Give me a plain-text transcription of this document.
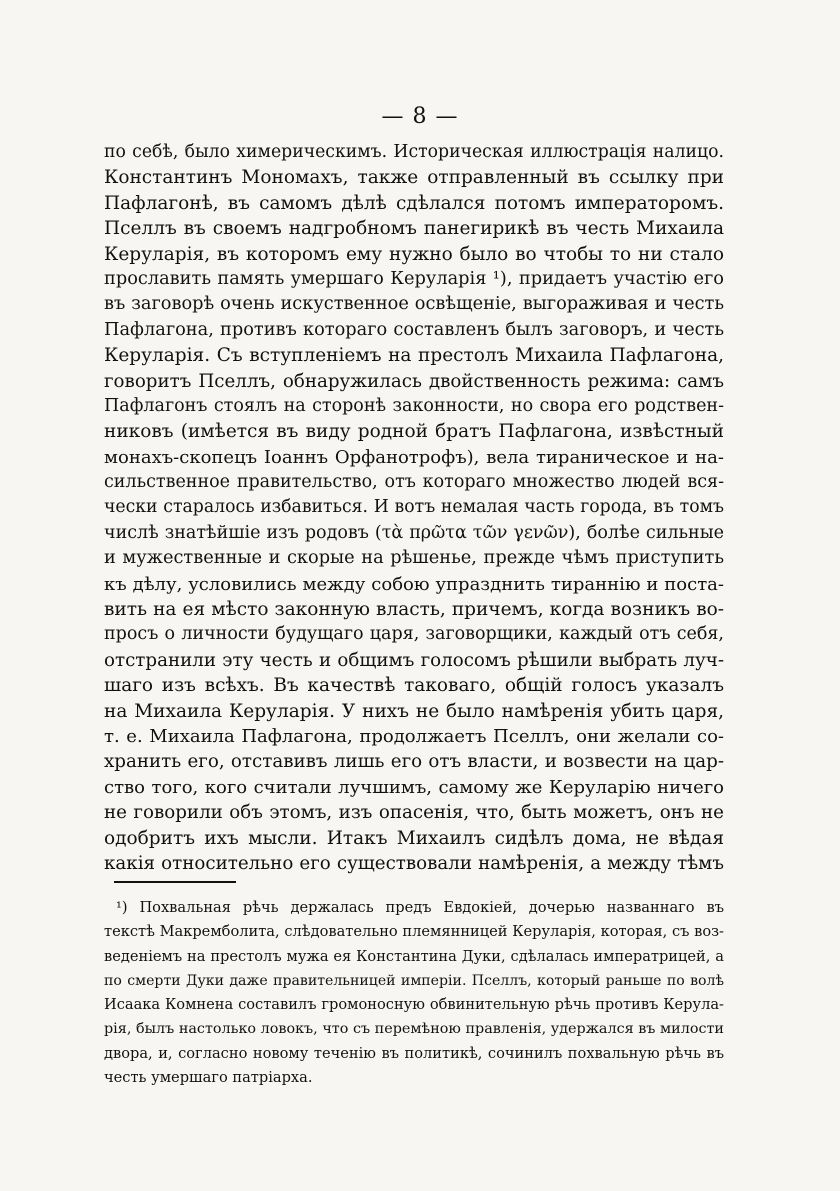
— 8 —
по себѣ, было химерическимъ. Историческая иллюстрація налицо.
Константинъ Мономахъ, также отправленный въ ссылку при
Пафлагонѣ, въ самомъ дѣлѣ сдѣлался потомъ императоромъ.
Пселлъ въ своемъ надгробномъ панегирикѣ въ честь Михаила
Керуларія, въ которомъ ему нужно было во чтобы то ни стало
прославить память умершаго Керуларія ¹), придаетъ участію его
въ заговорѣ очень искуственное освѣщеніе, выгораживая и честь
Пафлагона, противъ котораго составленъ былъ заговоръ, и честь
Керуларія. Съ вступленіемъ на престолъ Михаила Пафлагона,
говоритъ Пселлъ, обнаружилась двойственность режима: самъ
Пафлагонъ стоялъ на сторонѣ законности, но свора его родствен-
никовъ (имѣется въ виду родной братъ Пафлагона, извѣстный
монахъ-скопецъ Іоаннъ Орфанотрофъ), вела тираническое и на-
сильственное правительство, отъ котораго множество людей вся-
чески старалось избавиться. И вотъ немалая часть города, въ томъ
числѣ знатѣйшіе изъ родовъ (τὰ πρῶτα τῶν γενῶν), болѣе сильные
и мужественные и скорые на рѣшенье, прежде чѣмъ приступить
къ дѣлу, условились между собою упразднить тираннію и поста-
вить на ея мѣсто законную власть, причемъ, когда возникъ во-
просъ о личности будущаго царя, заговорщики, каждый отъ себя,
отстранили эту честь и общимъ голосомъ рѣшили выбрать луч-
шаго изъ всѣхъ. Въ качествѣ таковаго, общій голосъ указалъ
на Михаила Керуларія. У нихъ не было намѣренія убить царя,
т. е. Михаила Пафлагона, продолжаетъ Пселлъ, они желали со-
хранить его, отставивъ лишь его отъ власти, и возвести на цар-
ство того, кого считали лучшимъ, самому же Керуларію ничего
не говорили объ этомъ, изъ опасенія, что, быть можетъ, онъ не
одобритъ ихъ мысли. Итакъ Михаилъ сидѣлъ дома, не вѣдая
какія относительно его существовали намѣренія, а между тѣмъ
¹) Похвальная рѣчь держалась предъ Евдокіей, дочерью названнаго въ
текстѣ Макремболита, слѣдовательно племянницей Керуларія, которая, съ воз-
веденіемъ на престолъ мужа ея Константина Дуки, сдѣлалась императрицей, а
по смерти Дуки даже правительницей имперіи. Пселлъ, который раньше по волѣ
Исаака Комнена составилъ громоносную обвинительную рѣчь противъ Керула-
рія, былъ настолько ловокъ, что съ перемѣною правленія, удержался въ милости
двора, и, согласно новому теченію въ политикѣ, сочинилъ похвальную рѣчь въ
честь умершаго патріарха.
